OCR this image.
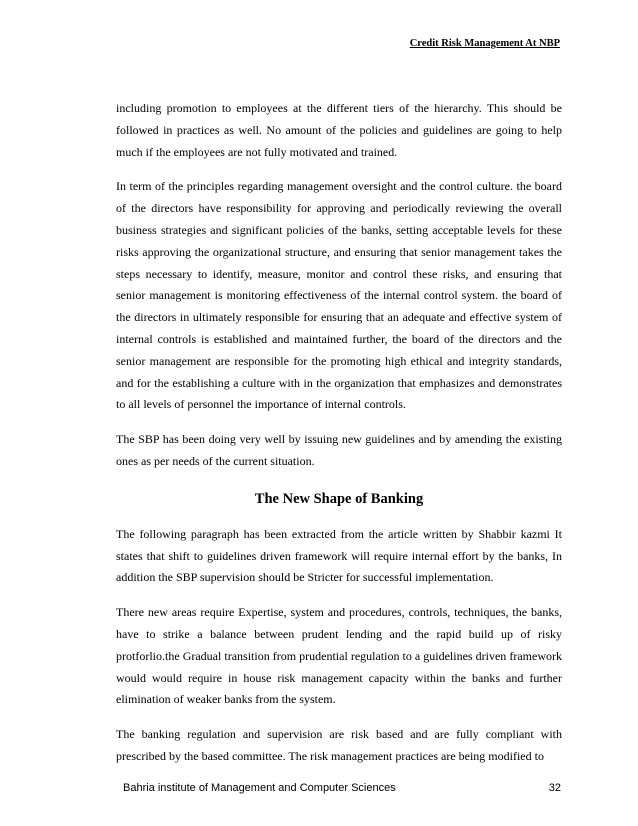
Credit Risk Management At NBP

including promotion to employees at the different tiers of the hierarchy. This should be followed in practices as well. No amount of the policies and guidelines are going to help much if the employees are not fully motivated and trained.

In term of the principles regarding management oversight and the control culture. the board of the directors have responsibility for approving and periodically reviewing the overall business strategies and significant policies of the banks, setting acceptable levels for these risks approving the organizational structure, and ensuring that senior management takes the steps necessary to identify, measure, monitor and control these risks, and ensuring that senior management is monitoring effectiveness of the internal control system. the board of the directors in ultimately responsible for ensuring that an adequate and effective system of internal controls is established and maintained further, the board of the directors and the senior management are responsible for the promoting high ethical and integrity standards, and for the establishing a culture with in the organization that emphasizes and demonstrates to all levels of personnel the importance of internal controls.

The SBP has been doing very well by issuing new guidelines and by amending the existing ones as per needs of the current situation.

The New Shape of Banking

The following paragraph has been extracted from the article written by Shabbir kazmi It states that shift to guidelines driven framework will require internal effort by the banks, In addition the SBP supervision should be Stricter for successful implementation.

There new areas require Expertise, system and procedures, controls, techniques, the banks, have to strike a balance between prudent lending and the rapid build up of risky protforlio.the Gradual transition from prudential regulation to a guidelines driven framework would would require in house risk management capacity within the banks and further elimination of weaker banks from the system.

The banking regulation and supervision are risk based and are fully compliant with prescribed by the based committee. The risk management practices are being modified to

Bahria institute of Management and Computer Sciences	32
